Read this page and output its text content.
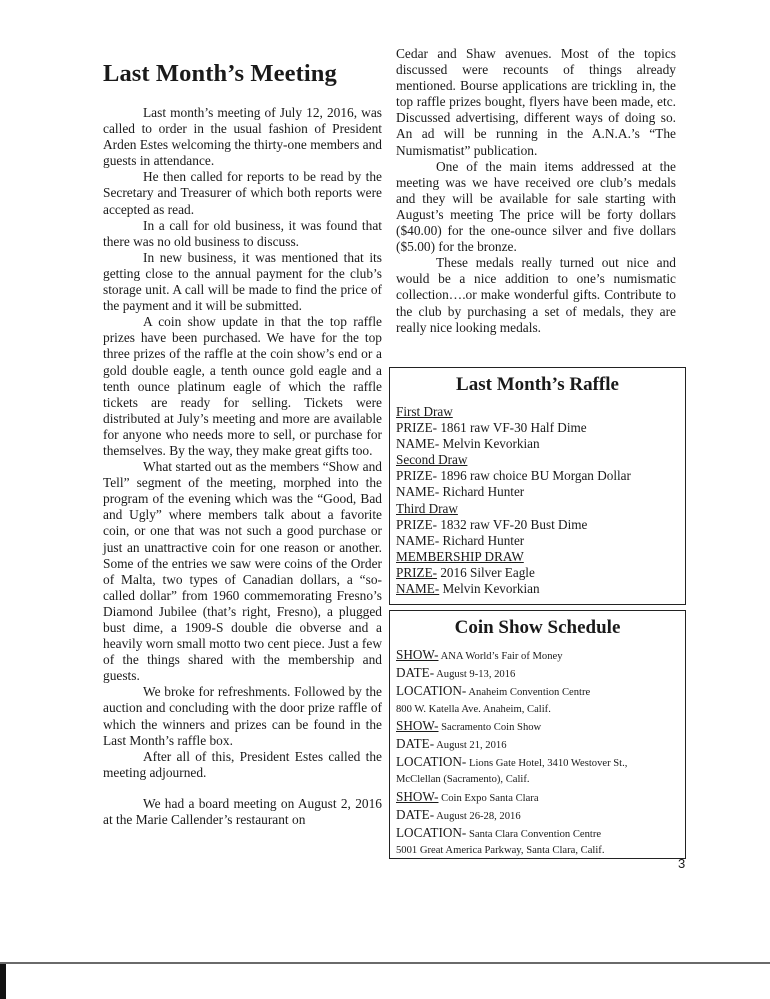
Last Month’s Meeting

Last month’s meeting of July 12, 2016, was called to order in the usual fashion of President Arden Estes welcoming the thirty-one members and guests in attendance.

He then called for reports to be read by the Secretary and Treasurer of which both reports were accepted as read.

In a call for old business, it was found that there was no old business to discuss.

In new business, it was mentioned that its getting close to the annual payment for the club’s storage unit. A call will be made to find the price of the payment and it will be submitted.

A coin show update in that the top raffle prizes have been purchased. We have for the top three prizes of the raffle at the coin show’s end or a gold double eagle, a tenth ounce gold eagle and a tenth ounce platinum eagle of which the raffle tickets are ready for selling. Tickets were distributed at July’s meeting and more are available for anyone who needs more to sell, or purchase for themselves. By the way, they make great gifts too.

What started out as the members “Show and Tell” segment of the meeting, morphed into the program of the evening which was the “Good, Bad and Ugly” where members talk about a favorite coin, or one that was not such a good purchase or just an unattractive coin for one reason or another. Some of the entries we saw were coins of the Order of Malta, two types of Canadian dollars, a “so-called dollar” from 1960 commemorating Fresno’s Diamond Jubilee (that’s right, Fresno), a plugged bust dime, a 1909-S double die obverse and a heavily worn small motto two cent piece. Just a few of the things shared with the membership and guests.

We broke for refreshments. Followed by the auction and concluding with the door prize raffle of which the winners and prizes can be found in the Last Month’s raffle box.

After all of this, President Estes called the meeting adjourned.

We had a board meeting on August 2, 2016 at the Marie Callender’s restaurant on

Cedar and Shaw avenues. Most of the topics discussed were recounts of things already mentioned. Bourse applications are trickling in, the top raffle prizes bought, flyers have been made, etc. Discussed advertising, different ways of doing so. An ad will be running in the A.N.A.’s “The Numismatist” publication.

One of the main items addressed at the meeting was we have received ore club’s medals and they will be available for sale starting with August’s meeting The price will be forty dollars ($40.00) for the one-ounce silver and five dollars ($5.00) for the bronze.

These medals really turned out nice and would be a nice addition to one’s numismatic collection….or make wonderful gifts. Contribute to the club by purchasing a set of medals, they are really nice looking medals.

Last Month’s Raffle
First Draw
PRIZE- 1861 raw VF-30 Half Dime
NAME- Melvin Kevorkian
Second Draw
PRIZE- 1896 raw choice BU Morgan Dollar
NAME- Richard Hunter
Third Draw
PRIZE- 1832 raw VF-20 Bust Dime
NAME- Richard Hunter
MEMBERSHIP DRAW
PRIZE- 2016 Silver Eagle
NAME- Melvin Kevorkian
Coin Show Schedule
SHOW- ANA World’s Fair of Money
DATE- August 9-13, 2016
LOCATION- Anaheim Convention Centre
800 W. Katella Ave. Anaheim, Calif.
SHOW- Sacramento Coin Show
DATE- August 21, 2016
LOCATION- Lions Gate Hotel, 3410 Westover St.,
McClellan (Sacramento), Calif.
SHOW- Coin Expo Santa Clara
DATE- August 26-28, 2016
LOCATION- Santa Clara Convention Centre
5001 Great America Parkway, Santa Clara, Calif.
3
